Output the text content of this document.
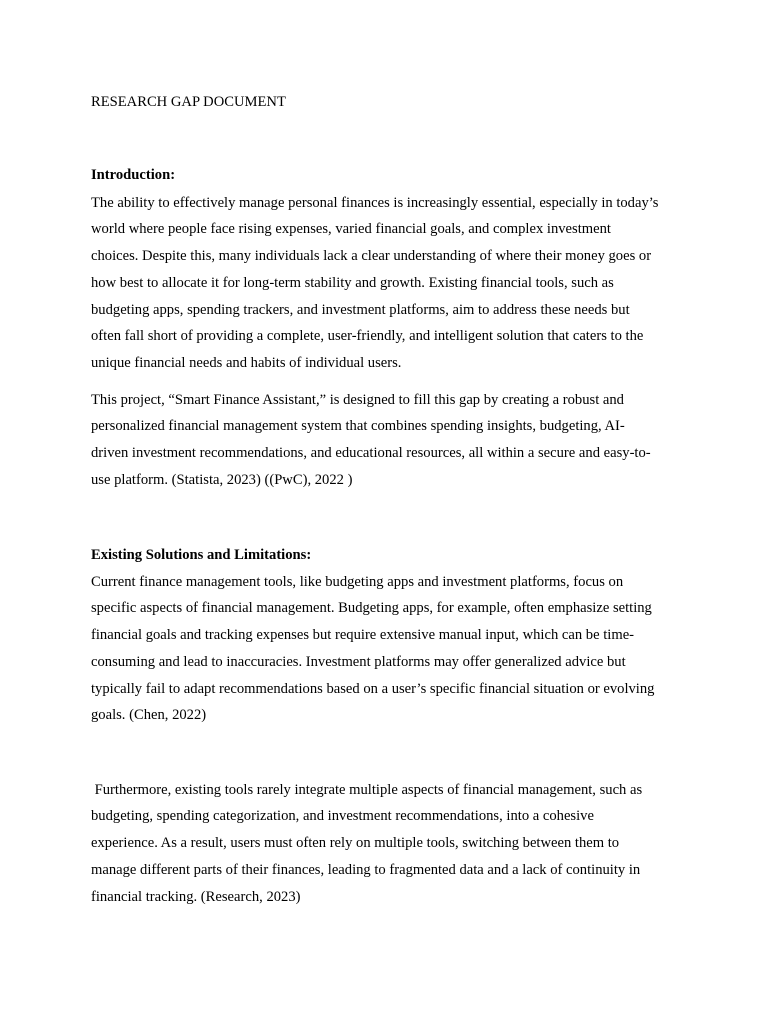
RESEARCH GAP DOCUMENT

Introduction:

The ability to effectively manage personal finances is increasingly essential, especially in today’s
world where people face rising expenses, varied financial goals, and complex investment
choices. Despite this, many individuals lack a clear understanding of where their money goes or
how best to allocate it for long-term stability and growth. Existing financial tools, such as
budgeting apps, spending trackers, and investment platforms, aim to address these needs but
often fall short of providing a complete, user-friendly, and intelligent solution that caters to the
unique financial needs and habits of individual users.
This project, “Smart Finance Assistant,” is designed to fill this gap by creating a robust and
personalized financial management system that combines spending insights, budgeting, AI-
driven investment recommendations, and educational resources, all within a secure and easy-to-
use platform. (Statista, 2023) ((PwC), 2022 )

Existing Solutions and Limitations:

Current finance management tools, like budgeting apps and investment platforms, focus on
specific aspects of financial management. Budgeting apps, for example, often emphasize setting
financial goals and tracking expenses but require extensive manual input, which can be time-
consuming and lead to inaccuracies. Investment platforms may offer generalized advice but
typically fail to adapt recommendations based on a user’s specific financial situation or evolving
goals. (Chen, 2022)
Furthermore, existing tools rarely integrate multiple aspects of financial management, such as
budgeting, spending categorization, and investment recommendations, into a cohesive
experience. As a result, users must often rely on multiple tools, switching between them to
manage different parts of their finances, leading to fragmented data and a lack of continuity in
financial tracking. (Research, 2023)
